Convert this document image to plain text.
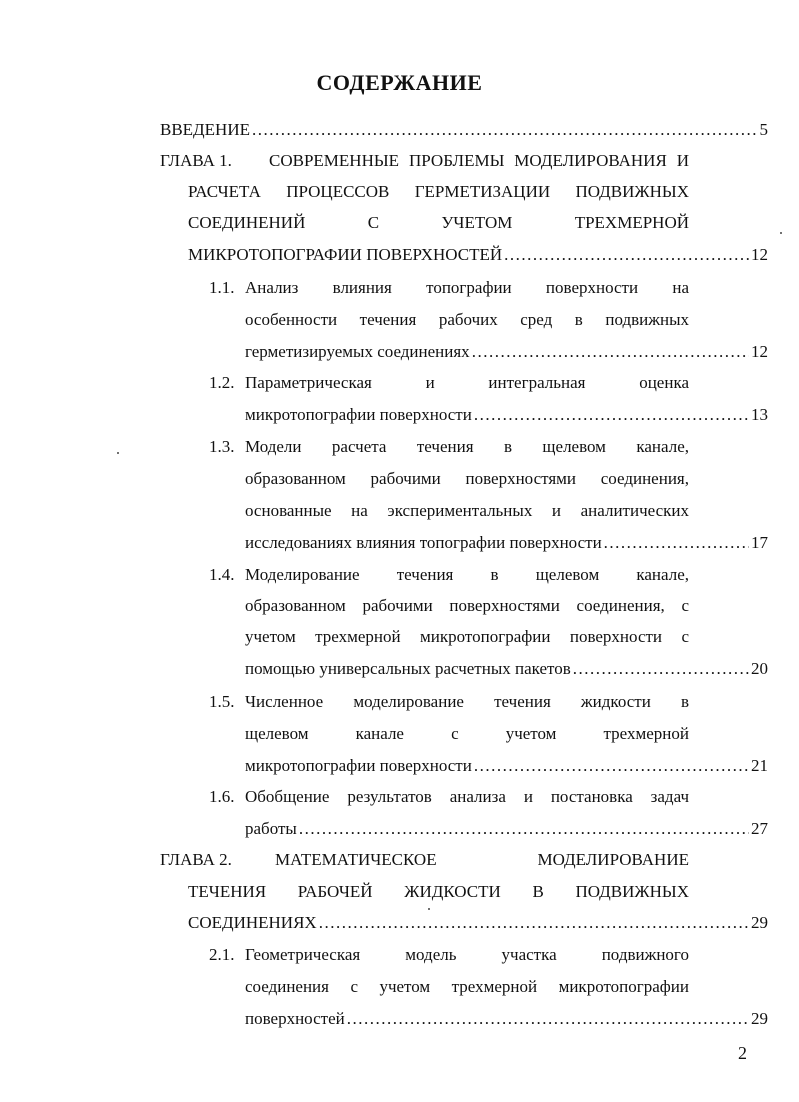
СОДЕРЖАНИЕ
ВВЕДЕНИЕ .....	5
ГЛАВА 1. СОВРЕМЕННЫЕ ПРОБЛЕМЫ МОДЕЛИРОВАНИЯ И
РАСЧЕТА ПРОЦЕССОВ ГЕРМЕТИЗАЦИИ ПОДВИЖНЫХ
СОЕДИНЕНИЙ С УЧЕТОМ ТРЕХМЕРНОЙ
МИКРОТОПОГРАФИИ ПОВЕРХНОСТЕЙ .....	12
1.1. Анализ влияния топографии поверхности на
особенности течения рабочих сред в подвижных
герметизируемых соединениях .....	12
1.2. Параметрическая и интегральная оценка
микротопографии поверхности .....	13
1.3. Модели расчета течения в щелевом канале,
образованном рабочими поверхностями соединения,
основанные на экспериментальных и аналитических
исследованиях влияния топографии поверхности .....	17
1.4. Моделирование течения в щелевом канале,
образованном рабочими поверхностями соединения, с
учетом трехмерной микротопографии поверхности с
помощью универсальных расчетных пакетов .....	20
1.5. Численное моделирование течения жидкости в
щелевом канале с учетом трехмерной
микротопографии поверхности .....	21
1.6. Обобщение результатов анализа и постановка задач
работы .....	27
ГЛАВА 2.	МАТЕМАТИЧЕСКОЕ МОДЕЛИРОВАНИЕ
ТЕЧЕНИЯ РАБОЧЕЙ ЖИДКОСТИ В ПОДВИЖНЫХ
СОЕДИНЕНИЯХ .....	29
2.1. Геометрическая модель участка подвижного
соединения с учетом трехмерной микротопографии
поверхностей .....	29
2
